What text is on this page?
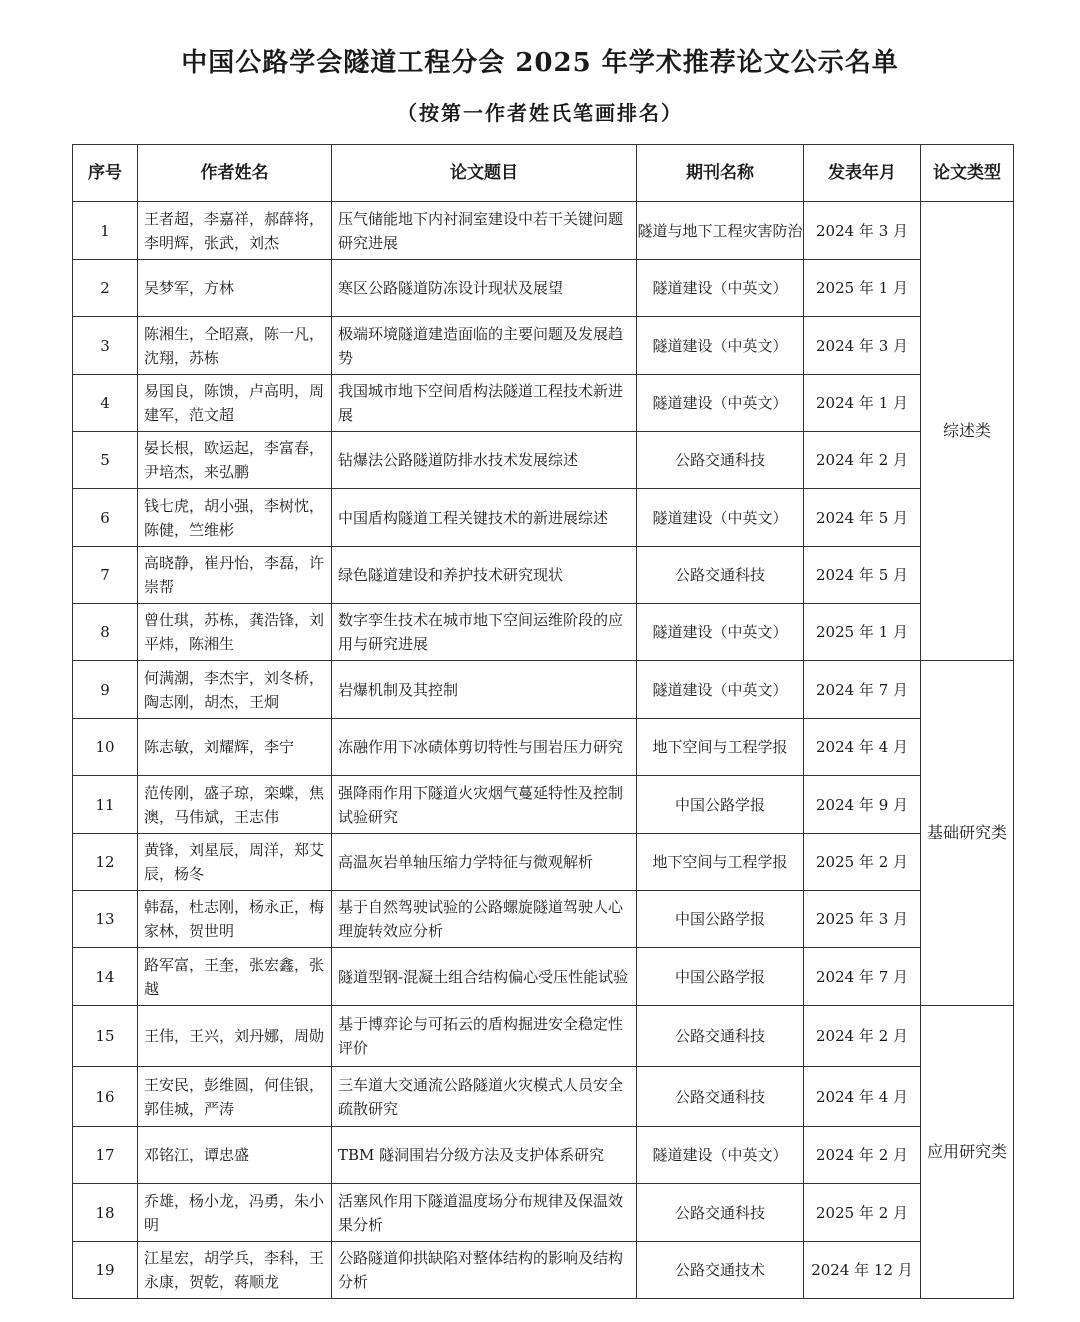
中国公路学会隧道工程分会 2025 年学术推荐论文公示名单
（按第一作者姓氏笔画排名）
序号	作者姓名	论文题目	期刊名称	发表年月	论文类型
1	王者超，李嘉祥，郝薛将，李明辉，张武，刘杰	压气储能地下内衬洞室建设中若干关键问题研究进展	隧道与地下工程灾害防治	2024 年 3 月	综述类
2	吴梦军，方林	寒区公路隧道防冻设计现状及展望	隧道建设（中英文）	2025 年 1 月	
3	陈湘生，仝昭熹，陈一凡，沈翔，苏栋	极端环境隧道建造面临的主要问题及发展趋势	隧道建设（中英文）	2024 年 3 月	
4	易国良，陈馈，卢高明，周建军，范文超	我国城市地下空间盾构法隧道工程技术新进展	隧道建设（中英文）	2024 年 1 月	
5	晏长根，欧运起，李富春，尹培杰，来弘鹏	钻爆法公路隧道防排水技术发展综述	公路交通科技	2024 年 2 月	
6	钱七虎，胡小强，李树忱，陈健，竺维彬	中国盾构隧道工程关键技术的新进展综述	隧道建设（中英文）	2024 年 5 月	
7	高晓静，崔丹怡，李磊，许崇帮	绿色隧道建设和养护技术研究现状	公路交通科技	2024 年 5 月	
8	曾仕琪，苏栋，龚浩锋，刘平炜，陈湘生	数字孪生技术在城市地下空间运维阶段的应用与研究进展	隧道建设（中英文）	2025 年 1 月	
9	何满潮，李杰宇，刘冬桥，陶志刚，胡杰，王炯	岩爆机制及其控制	隧道建设（中英文）	2024 年 7 月	基础研究类
10	陈志敏，刘耀辉，李宁	冻融作用下冰碛体剪切特性与围岩压力研究	地下空间与工程学报	2024 年 4 月	
11	范传刚，盛子琼，栾蝶，焦澳，马伟斌，王志伟	强降雨作用下隧道火灾烟气蔓延特性及控制试验研究	中国公路学报	2024 年 9 月	
12	黄锋，刘星辰，周洋，郑艾辰，杨冬	高温灰岩单轴压缩力学特征与微观解析	地下空间与工程学报	2025 年 2 月	
13	韩磊，杜志刚，杨永正，梅家林，贺世明	基于自然驾驶试验的公路螺旋隧道驾驶人心理旋转效应分析	中国公路学报	2025 年 3 月	
14	路军富，王奎，张宏鑫，张越	隧道型钢-混凝土组合结构偏心受压性能试验	中国公路学报	2024 年 7 月	
15	王伟，王兴，刘丹娜，周勋	基于博弈论与可拓云的盾构掘进安全稳定性评价	公路交通科技	2024 年 2 月	应用研究类
16	王安民，彭维圆，何佳银，郭佳城，严涛	三车道大交通流公路隧道火灾模式人员安全疏散研究	公路交通科技	2024 年 4 月	
17	邓铭江，谭忠盛	TBM 隧洞围岩分级方法及支护体系研究	隧道建设（中英文）	2024 年 2 月	
18	乔雄，杨小龙，冯勇，朱小明	活塞风作用下隧道温度场分布规律及保温效果分析	公路交通科技	2025 年 2 月	
19	江星宏，胡学兵，李科，王永康，贺乾，蒋顺龙	公路隧道仰拱缺陷对整体结构的影响及结构分析	公路交通技术	2024 年 12 月	
